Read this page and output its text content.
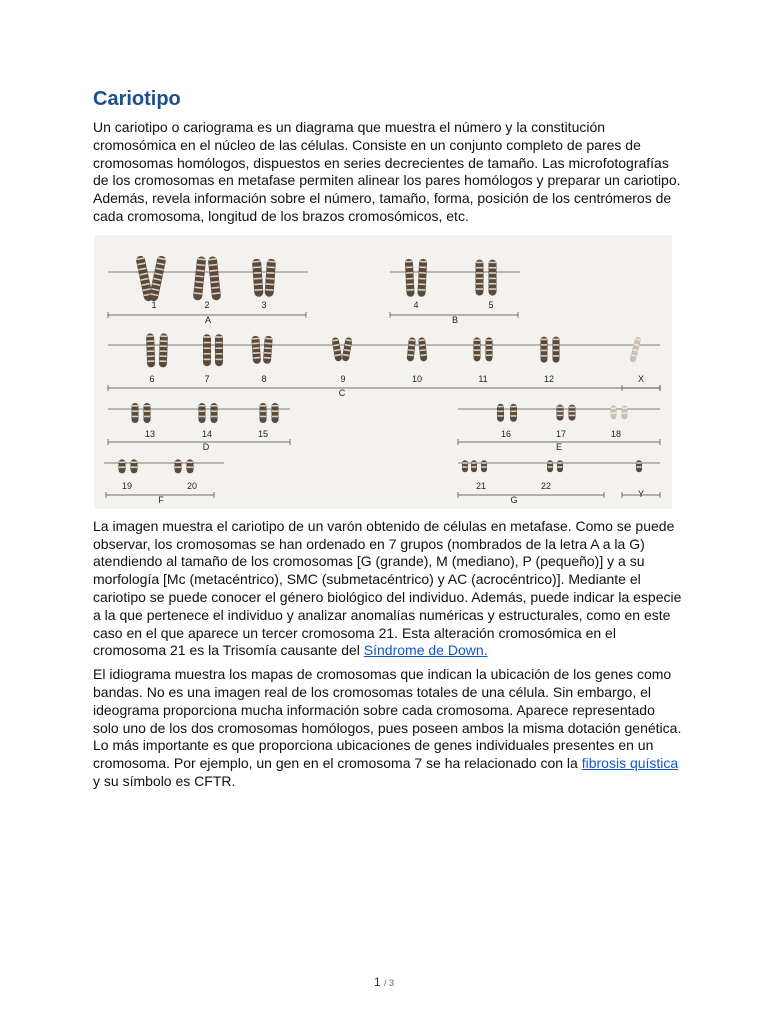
Cariotipo

Un cariotipo o cariograma es un diagrama que muestra el número y la constitución cromosómica en el núcleo de las células. Consiste en un conjunto completo de pares de cromosomas homólogos, dispuestos en series decrecientes de tamaño. Las microfotografías de los cromosomas en metafase permiten alinear los pares homólogos y preparar un cariotipo. Además, revela información sobre el número, tamaño, forma, posición de los centrómeros de cada cromosoma, longitud de los brazos cromosómicos, etc.

1	2	3	4	5
6	7	8	9	10	11	12	X
13	14	15	16	17	18
19	20	21	22
Y
A	B
C
D	E
F	G

La imagen muestra el cariotipo de un varón obtenido de células en metafase. Como se puede observar, los cromosomas se han ordenado en 7 grupos (nombrados de la letra A a la G) atendiendo al tamaño de los cromosomas [G (grande), M (mediano), P (pequeño)] y a su morfología [Mc (metacéntrico), SMC (submetacéntrico) y AC (acrocéntrico)]. Mediante el cariotipo se puede conocer el género biológico del individuo. Además, puede indicar la especie a la que pertenece el individuo y analizar anomalías numéricas y estructurales, como en este caso en el que aparece un tercer cromosoma 21. Esta alteración cromosómica en el cromosoma 21 es la Trisomía causante del Síndrome de Down.

El idiograma muestra los mapas de cromosomas que indican la ubicación de los genes como bandas. No es una imagen real de los cromosomas totales de una célula. Sin embargo, el ideograma proporciona mucha información sobre cada cromosoma. Aparece representado solo uno de los dos cromosomas homólogos, pues poseen ambos la misma dotación genética. Lo más importante es que proporciona ubicaciones de genes individuales presentes en un cromosoma. Por ejemplo, un gen en el cromosoma 7 se ha relacionado con la fibrosis quística y su símbolo es CFTR.

1 / 3
